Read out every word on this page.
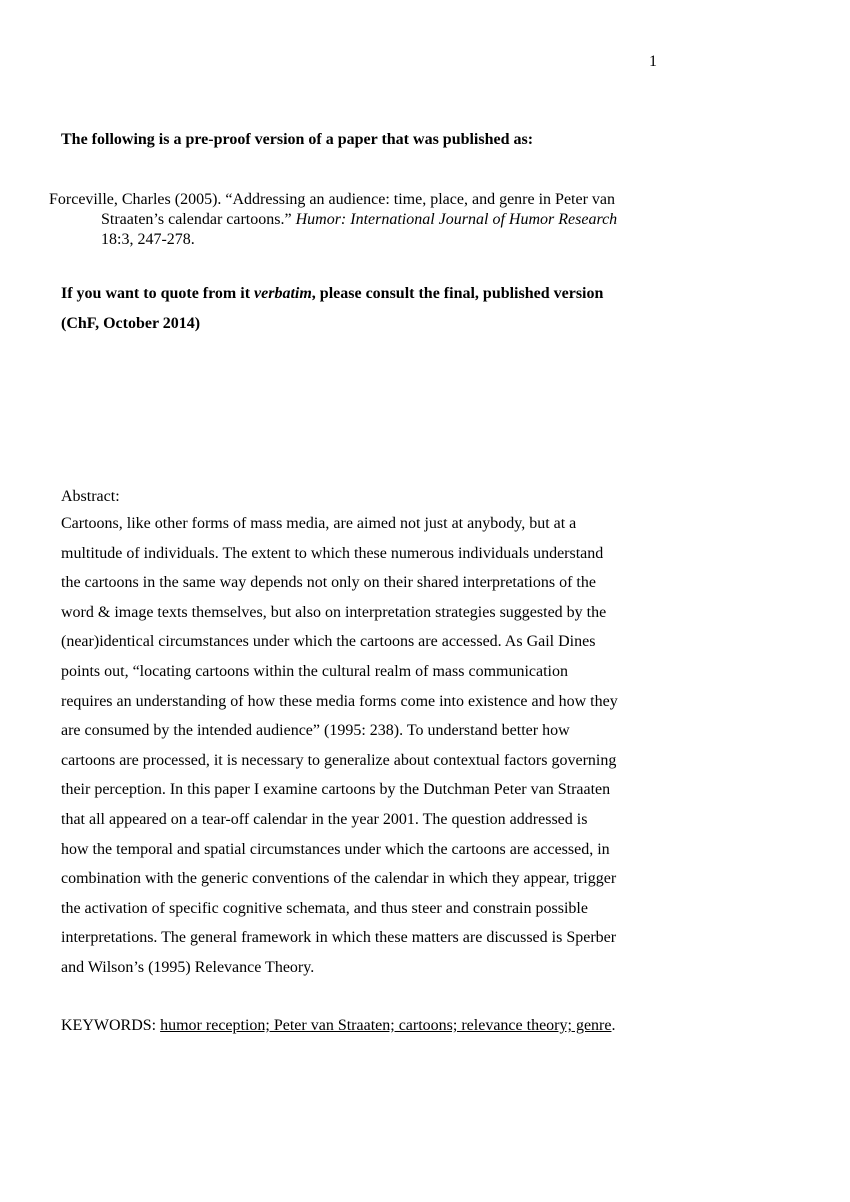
1
The following is a pre-proof version of a paper that was published as:
Forceville, Charles (2005). “Addressing an audience: time, place, and genre in Peter van
Straaten’s calendar cartoons.” Humor: International Journal of Humor Research
18:3, 247-278.
If you want to quote from it verbatim, please consult the final, published version
(ChF, October 2014)
Abstract:
Cartoons, like other forms of mass media, are aimed not just at anybody, but at a
multitude of individuals. The extent to which these numerous individuals understand
the cartoons in the same way depends not only on their shared interpretations of the
word & image texts themselves, but also on interpretation strategies suggested by the
(near)identical circumstances under which the cartoons are accessed. As Gail Dines
points out, “locating cartoons within the cultural realm of mass communication
requires an understanding of how these media forms come into existence and how they
are consumed by the intended audience” (1995: 238). To understand better how
cartoons are processed, it is necessary to generalize about contextual factors governing
their perception. In this paper I examine cartoons by the Dutchman Peter van Straaten
that all appeared on a tear-off calendar in the year 2001. The question addressed is
how the temporal and spatial circumstances under which the cartoons are accessed, in
combination with the generic conventions of the calendar in which they appear, trigger
the activation of specific cognitive schemata, and thus steer and constrain possible
interpretations. The general framework in which these matters are discussed is Sperber
and Wilson’s (1995) Relevance Theory.
KEYWORDS: humor reception; Peter van Straaten; cartoons; relevance theory; genre.
